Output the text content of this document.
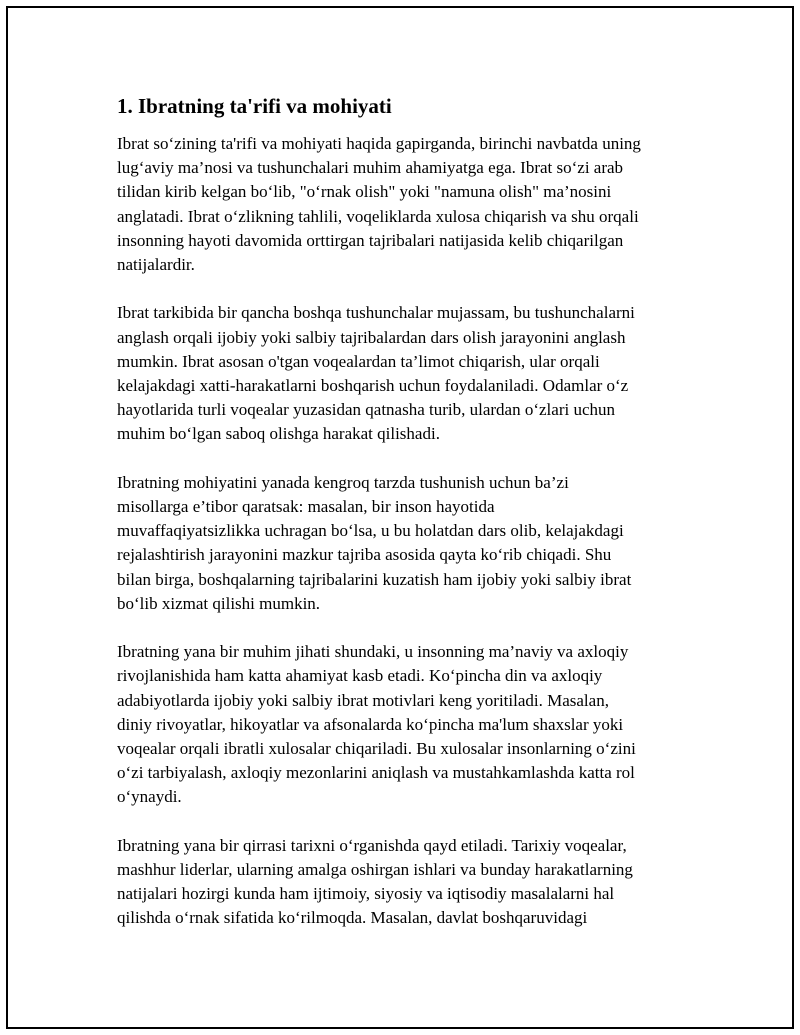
1. Ibratning ta'rifi va mohiyati

Ibrat so‘zining ta'rifi va mohiyati haqida gapirganda, birinchi navbatda uning
lug‘aviy ma’nosi va tushunchalari muhim ahamiyatga ega. Ibrat so‘zi arab
tilidan kirib kelgan bo‘lib, "o‘rnak olish" yoki "namuna olish" ma’nosini
anglatadi. Ibrat o‘zlikning tahlili, voqeliklarda xulosa chiqarish va shu orqali
insonning hayoti davomida orttirgan tajribalari natijasida kelib chiqarilgan
natijalardir.

Ibrat tarkibida bir qancha boshqa tushunchalar mujassam, bu tushunchalarni
anglash orqali ijobiy yoki salbiy tajribalardan dars olish jarayonini anglash
mumkin. Ibrat asosan o'tgan voqealardan ta’limot chiqarish, ular orqali
kelajakdagi xatti-harakatlarni boshqarish uchun foydalaniladi. Odamlar o‘z
hayotlarida turli voqealar yuzasidan qatnasha turib, ulardan o‘zlari uchun
muhim bo‘lgan saboq olishga harakat qilishadi.

Ibratning mohiyatini yanada kengroq tarzda tushunish uchun ba’zi
misollarga e’tibor qaratsak: masalan, bir inson hayotida
muvaffaqiyatsizlikka uchragan bo‘lsa, u bu holatdan dars olib, kelajakdagi
rejalashtirish jarayonini mazkur tajriba asosida qayta ko‘rib chiqadi. Shu
bilan birga, boshqalarning tajribalarini kuzatish ham ijobiy yoki salbiy ibrat
bo‘lib xizmat qilishi mumkin.

Ibratning yana bir muhim jihati shundaki, u insonning ma’naviy va axloqiy
rivojlanishida ham katta ahamiyat kasb etadi. Ko‘pincha din va axloqiy
adabiyotlarda ijobiy yoki salbiy ibrat motivlari keng yoritiladi. Masalan,
diniy rivoyatlar, hikoyatlar va afsonalarda ko‘pincha ma'lum shaxslar yoki
voqealar orqali ibratli xulosalar chiqariladi. Bu xulosalar insonlarning o‘zini
o‘zi tarbiyalash, axloqiy mezonlarini aniqlash va mustahkamlashda katta rol
o‘ynaydi.

Ibratning yana bir qirrasi tarixni o‘rganishda qayd etiladi. Tarixiy voqealar,
mashhur liderlar, ularning amalga oshirgan ishlari va bunday harakatlarning
natijalari hozirgi kunda ham ijtimoiy, siyosiy va iqtisodiy masalalarni hal
qilishda o‘rnak sifatida ko‘rilmoqda. Masalan, davlat boshqaruvidagi
